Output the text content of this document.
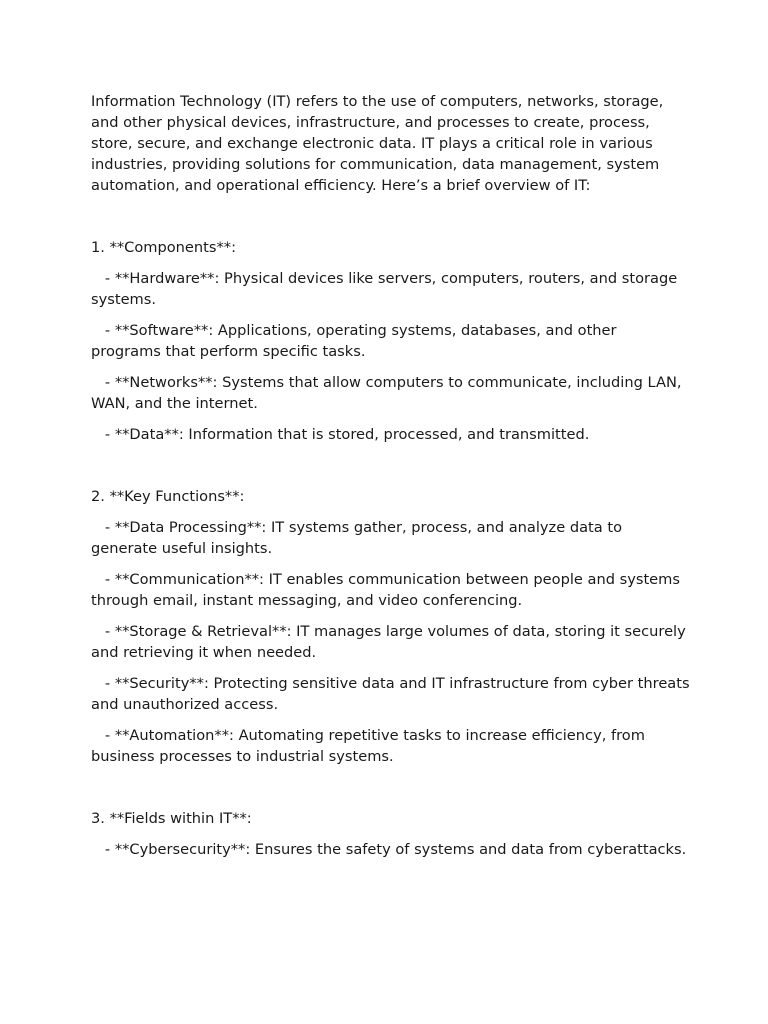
Information Technology (IT) refers to the use of computers, networks, storage, and other physical devices, infrastructure, and processes to create, process, store, secure, and exchange electronic data. IT plays a critical role in various industries, providing solutions for communication, data management, system automation, and operational efficiency. Here’s a brief overview of IT:

1. **Components**:

- **Hardware**: Physical devices like servers, computers, routers, and storage systems.

- **Software**: Applications, operating systems, databases, and other programs that perform specific tasks.

- **Networks**: Systems that allow computers to communicate, including LAN, WAN, and the internet.

- **Data**: Information that is stored, processed, and transmitted.

2. **Key Functions**:

- **Data Processing**: IT systems gather, process, and analyze data to generate useful insights.

- **Communication**: IT enables communication between people and systems through email, instant messaging, and video conferencing.

- **Storage & Retrieval**: IT manages large volumes of data, storing it securely and retrieving it when needed.

- **Security**: Protecting sensitive data and IT infrastructure from cyber threats and unauthorized access.

- **Automation**: Automating repetitive tasks to increase efficiency, from business processes to industrial systems.

3. **Fields within IT**:

- **Cybersecurity**: Ensures the safety of systems and data from cyberattacks.
